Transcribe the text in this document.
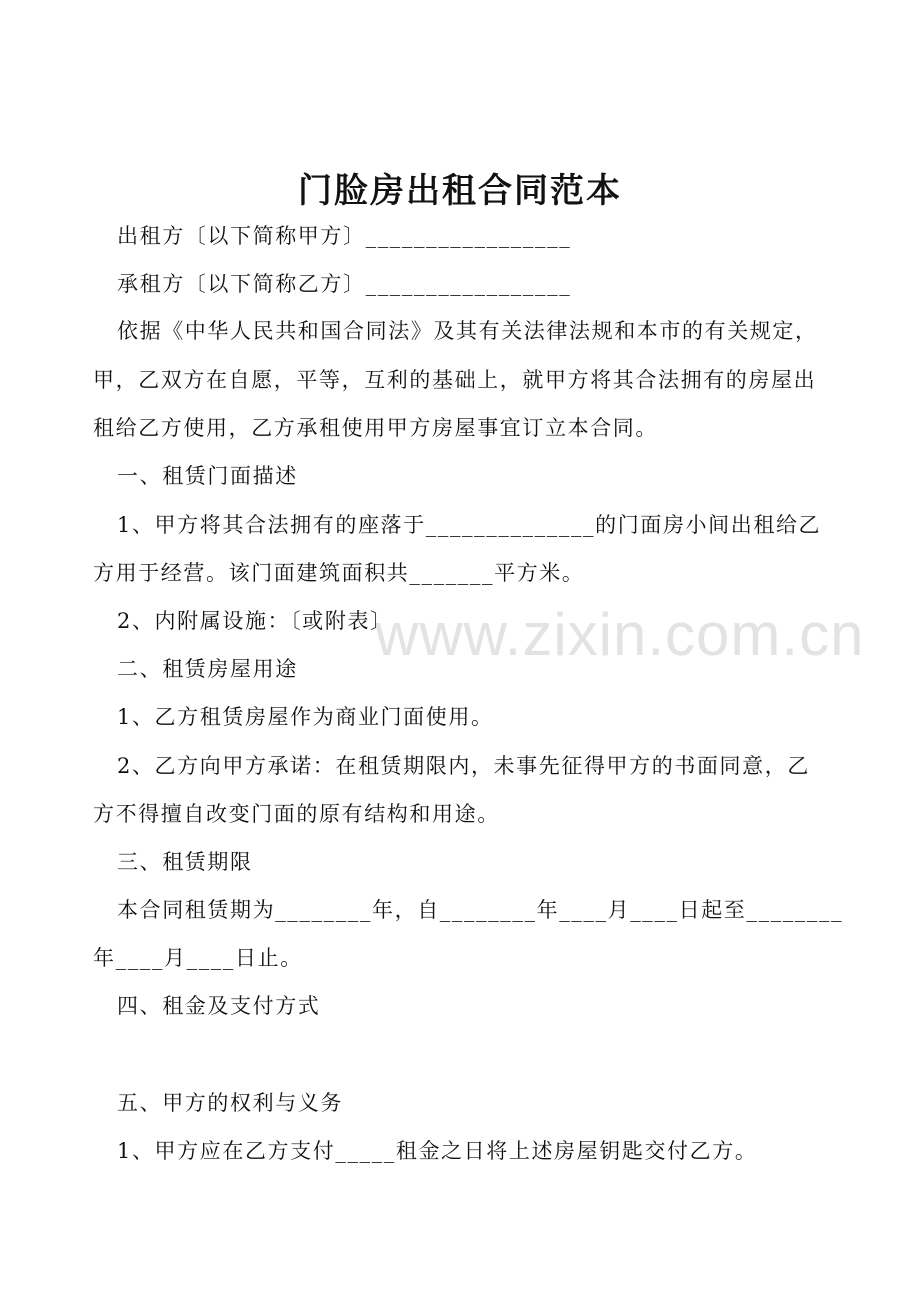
www.zixin.com.cn
门脸房出租合同范本
出租方〔以下简称甲方〕_________________
承租方〔以下简称乙方〕_________________
依据《中华人民共和国合同法》及其有关法律法规和本市的有关规定，
甲，乙双方在自愿，平等，互利的基础上，就甲方将其合法拥有的房屋出
租给乙方使用，乙方承租使用甲方房屋事宜订立本合同。
一、租赁门面描述
1、甲方将其合法拥有的座落于______________的门面房小间出租给乙
方用于经营。该门面建筑面积共_______平方米。
2、内附属设施：〔或附表〕
二、租赁房屋用途
1、乙方租赁房屋作为商业门面使用。
2、乙方向甲方承诺：在租赁期限内，未事先征得甲方的书面同意，乙
方不得擅自改变门面的原有结构和用途。
三、租赁期限
本合同租赁期为________年，自________年____月____日起至________
年____月____日止。
四、租金及支付方式
五、甲方的权利与义务
1、甲方应在乙方支付_____租金之日将上述房屋钥匙交付乙方。
